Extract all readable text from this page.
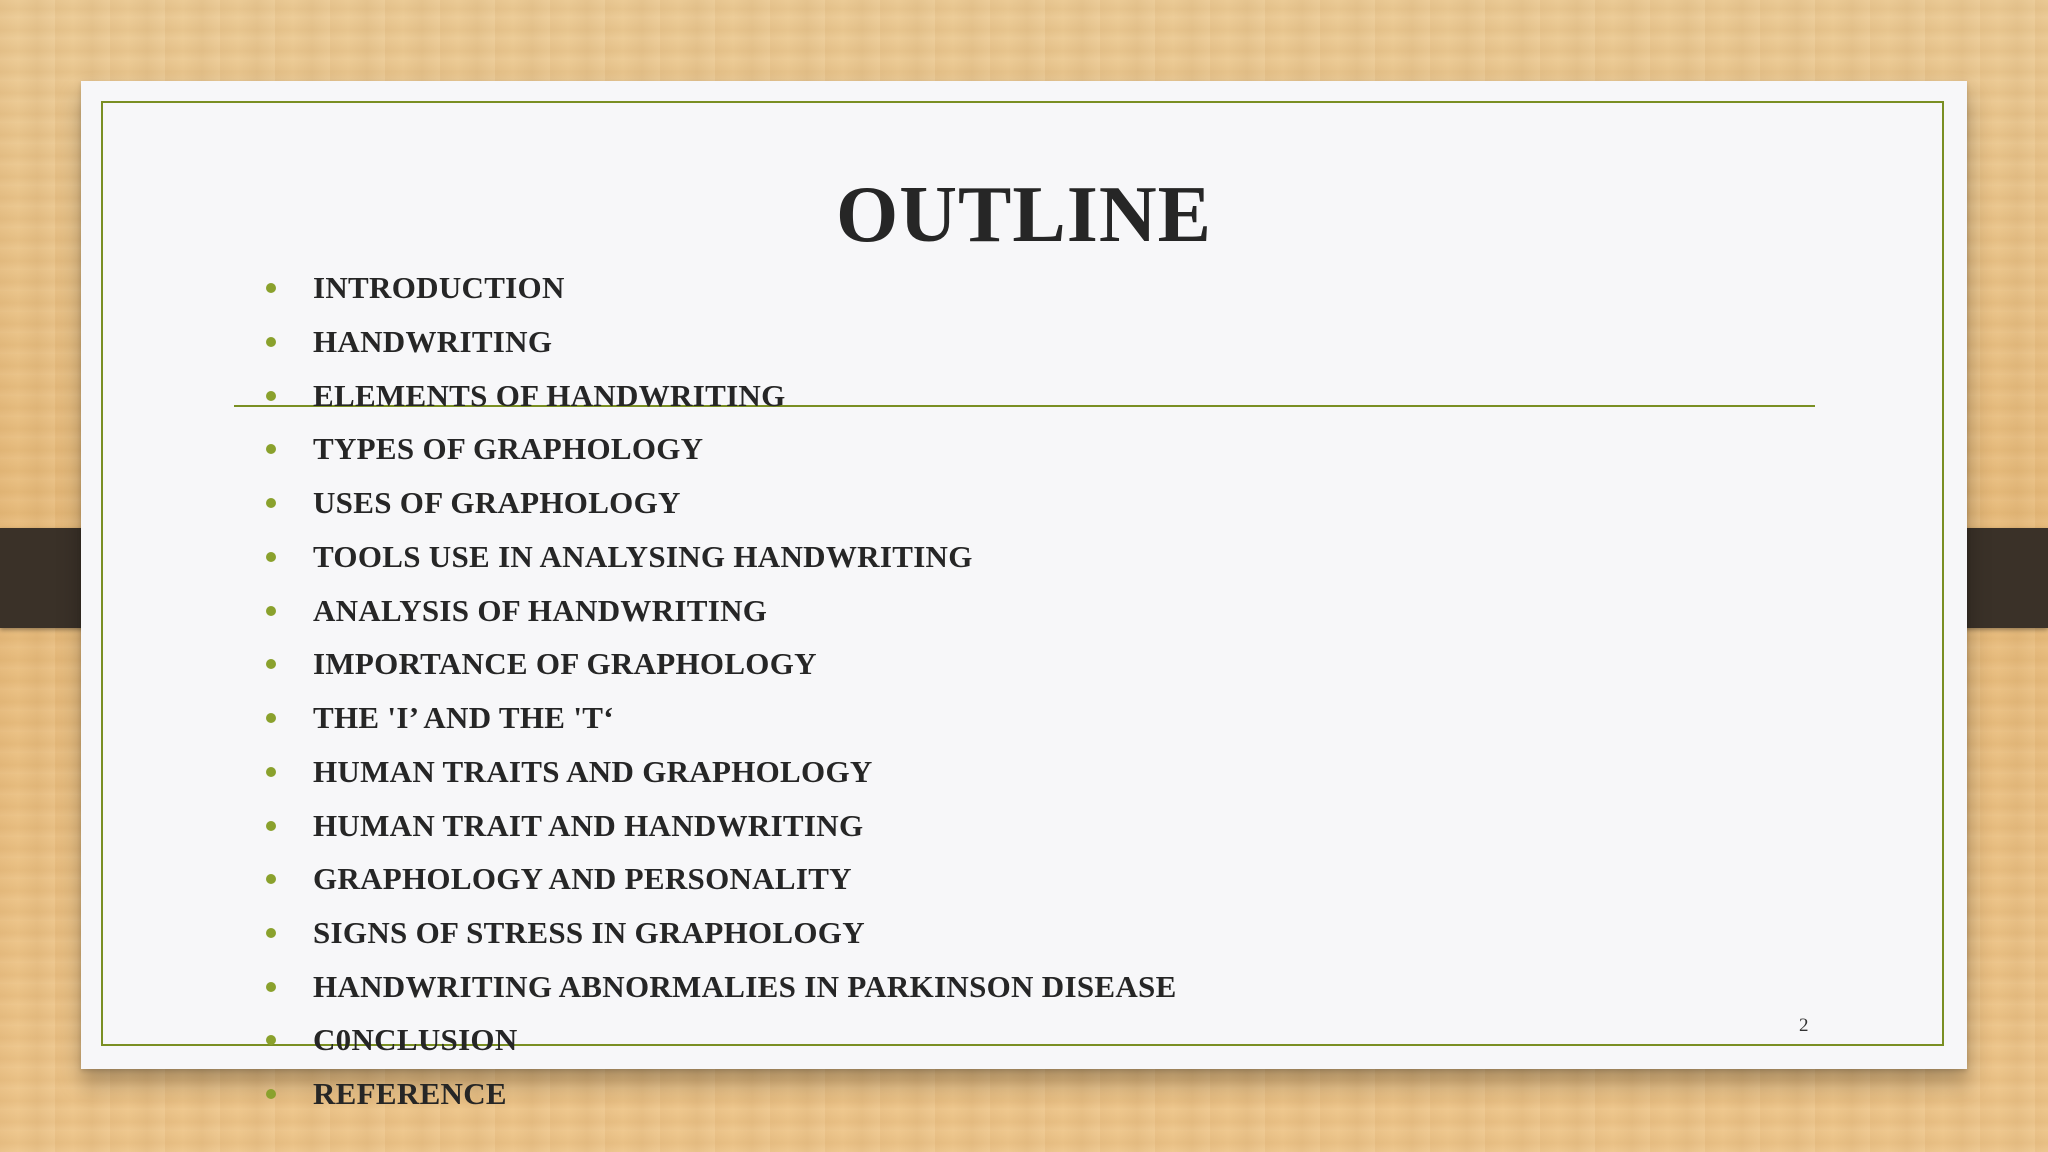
OUTLINE
INTRODUCTION
HANDWRITING
ELEMENTS OF HANDWRITING
TYPES OF GRAPHOLOGY
USES OF GRAPHOLOGY
TOOLS USE IN ANALYSING HANDWRITING
ANALYSIS OF HANDWRITING
IMPORTANCE OF GRAPHOLOGY
THE 'I’ AND THE 'T‘
HUMAN TRAITS AND GRAPHOLOGY
HUMAN TRAIT AND HANDWRITING
GRAPHOLOGY AND PERSONALITY
SIGNS OF STRESS IN GRAPHOLOGY
HANDWRITING ABNORMALIES IN PARKINSON DISEASE
C0NCLUSION
REFERENCE
2
